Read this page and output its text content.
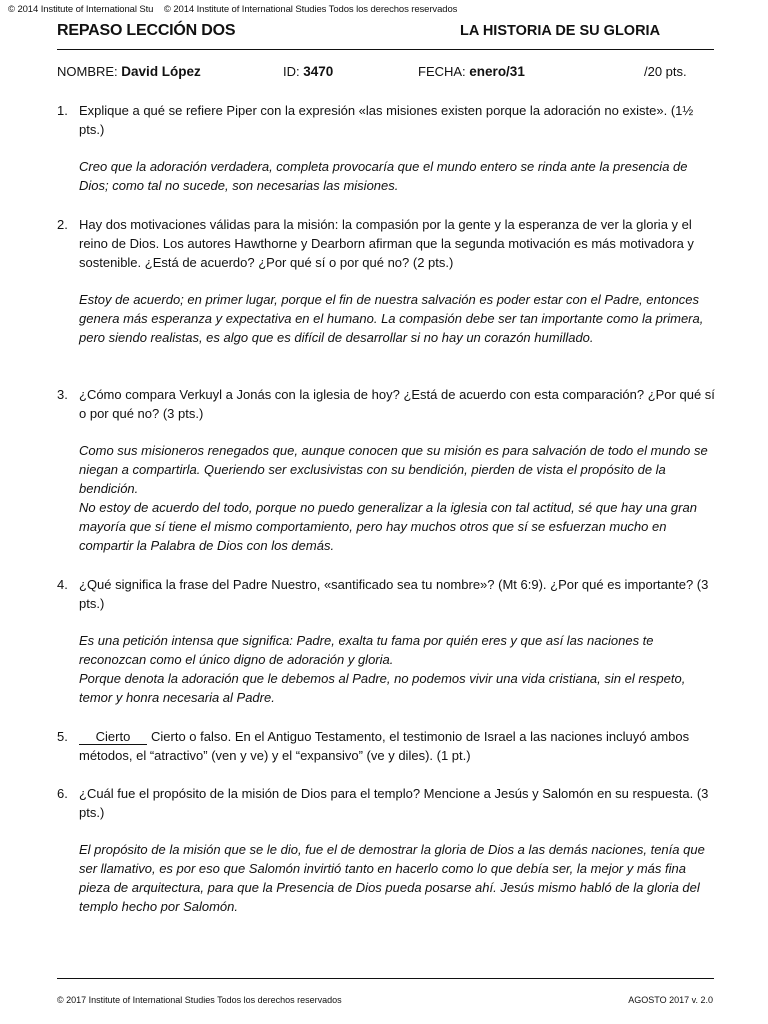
© 2014 Institute of International Stu © 2014 Institute of International Studies Todos los derechos reservados
REPASO LECCIÓN DOS	LA HISTORIA DE SU GLORIA
NOMBRE: David López	ID: 3470	FECHA: enero/31	/20 pts.
1. Explique a qué se refiere Piper con la expresión «las misiones existen porque la adoración no existe». (1½ pts.)

Creo que la adoración verdadera, completa provocaría que el mundo entero se rinda ante la presencia de Dios; como tal no sucede, son necesarias las misiones.

2. Hay dos motivaciones válidas para la misión: la compasión por la gente y la esperanza de ver la gloria y el reino de Dios. Los autores Hawthorne y Dearborn afirman que la segunda motivación es más motivadora y sostenible. ¿Está de acuerdo? ¿Por qué sí o por qué no? (2 pts.)

Estoy de acuerdo; en primer lugar, porque el fin de nuestra salvación es poder estar con el Padre, entonces genera más esperanza y expectativa en el humano. La compasión debe ser tan importante como la primera, pero siendo realistas, es algo que es difícil de desarrollar si no hay un corazón humillado.

3. ¿Cómo compara Verkuyl a Jonás con la iglesia de hoy? ¿Está de acuerdo con esta comparación? ¿Por qué sí o por qué no? (3 pts.)

Como sus misioneros renegados que, aunque conocen que su misión es para salvación de todo el mundo se niegan a compartirla. Queriendo ser exclusivistas con su bendición, pierden de vista el propósito de la bendición.

No estoy de acuerdo del todo, porque no puedo generalizar a la iglesia con tal actitud, sé que hay una gran mayoría que sí tiene el mismo comportamiento, pero hay muchos otros que sí se esfuerzan mucho en compartir la Palabra de Dios con los demás.

4. ¿Qué significa la frase del Padre Nuestro, «santificado sea tu nombre»? (Mt 6:9). ¿Por qué es importante? (3 pts.)

Es una petición intensa que significa: Padre, exalta tu fama por quién eres y que así las naciones te reconozcan como el único digno de adoración y gloria.

Porque denota la adoración que le debemos al Padre, no podemos vivir una vida cristiana, sin el respeto, temor y honra necesaria al Padre.

5.	Cierto Cierto o falso. En el Antiguo Testamento, el testimonio de Israel a las naciones incluyó ambos métodos, el “atractivo” (ven y ve) y el “expansivo” (ve y diles). (1 pt.)
6. ¿Cuál fue el propósito de la misión de Dios para el templo? Mencione a Jesús y Salomón en su respuesta. (3 pts.)

El propósito de la misión que se le dio, fue el de demostrar la gloria de Dios a las demás naciones, tenía que ser llamativo, es por eso que Salomón invirtió tanto en hacerlo como lo que debía ser, la mejor y más fina pieza de arquitectura, para que la Presencia de Dios pueda posarse ahí. Jesús mismo habló de la gloria del templo hecho por Salomón.

© 2017 Institute of International Studies Todos los derechos reservados	AGOSTO 2017 v. 2.0
